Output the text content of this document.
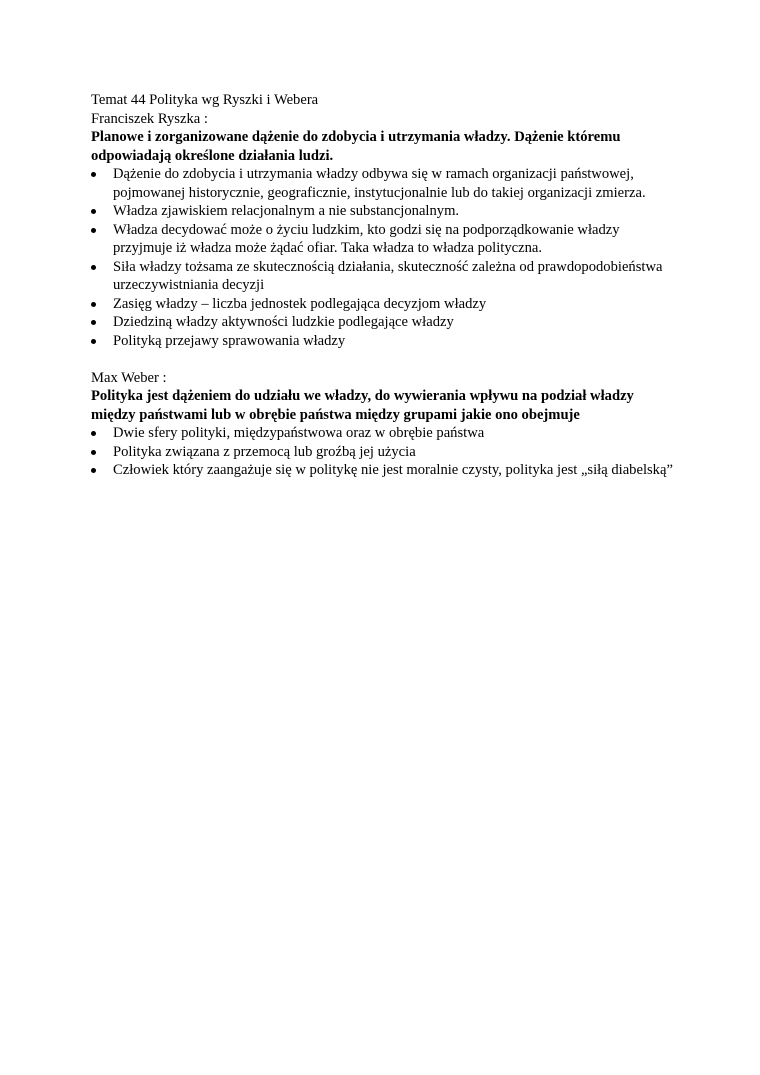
Temat 44 Polityka wg Ryszki i Webera

Franciszek Ryszka :

Planowe i zorganizowane dążenie do zdobycia i utrzymania władzy. Dążenie któremu odpowiadają określone działania ludzi.

Dążenie do zdobycia i utrzymania władzy odbywa się w ramach organizacji państwowej, pojmowanej historycznie, geograficznie, instytucjonalnie lub do takiej organizacji zmierza.
Władza zjawiskiem relacjonalnym a nie substancjonalnym.
Władza decydować może o życiu ludzkim, kto godzi się na podporządkowanie władzy przyjmuje iż władza może żądać ofiar. Taka władza to władza polityczna.
Siła władzy tożsama ze skutecznością działania, skuteczność zależna od prawdopodobieństwa urzeczywistniania decyzji
Zasięg władzy – liczba jednostek podlegająca decyzjom władzy
Dziedziną władzy aktywności ludzkie podlegające władzy
Polityką przejawy sprawowania władzy

Max Weber :

Polityka jest dążeniem do udziału we władzy, do wywierania wpływu na podział władzy między państwami lub w obrębie państwa między grupami jakie ono obejmuje

Dwie sfery polityki, międzypaństwowa oraz w obrębie państwa
Polityka związana z przemocą lub groźbą jej użycia
Człowiek który zaangażuje się w politykę nie jest moralnie czysty, polityka jest „siłą diabelską”
